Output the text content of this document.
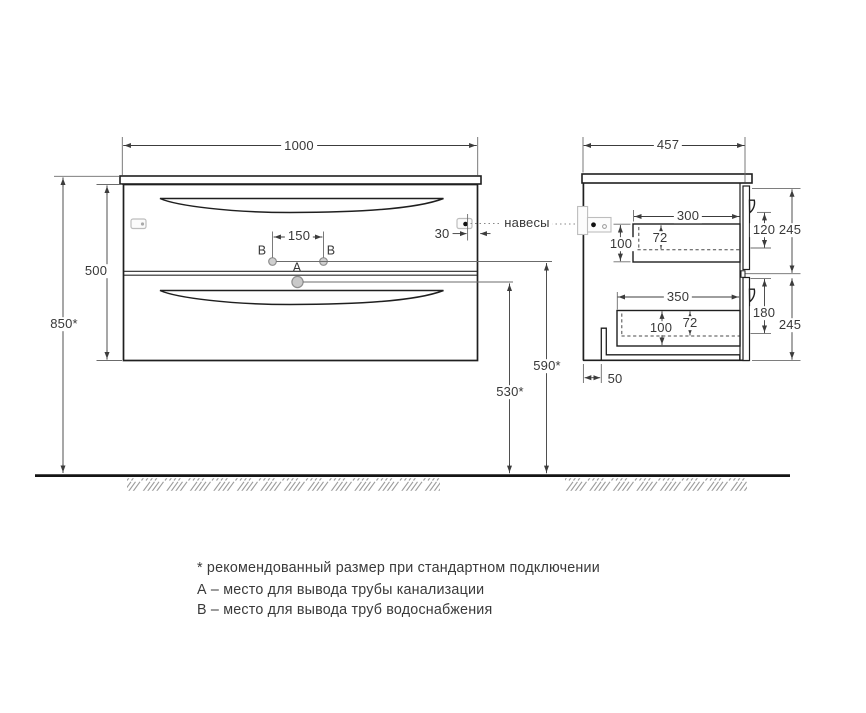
1000
500
850*
150	30
навесы
B	B
A
590*
530*
457
300
100 72
350
100 72
120 245
180
245
50
* рекомендованный размер при стандартном подключении
А – место для вывода трубы канализации
В – место для вывода труб водоснабжения
